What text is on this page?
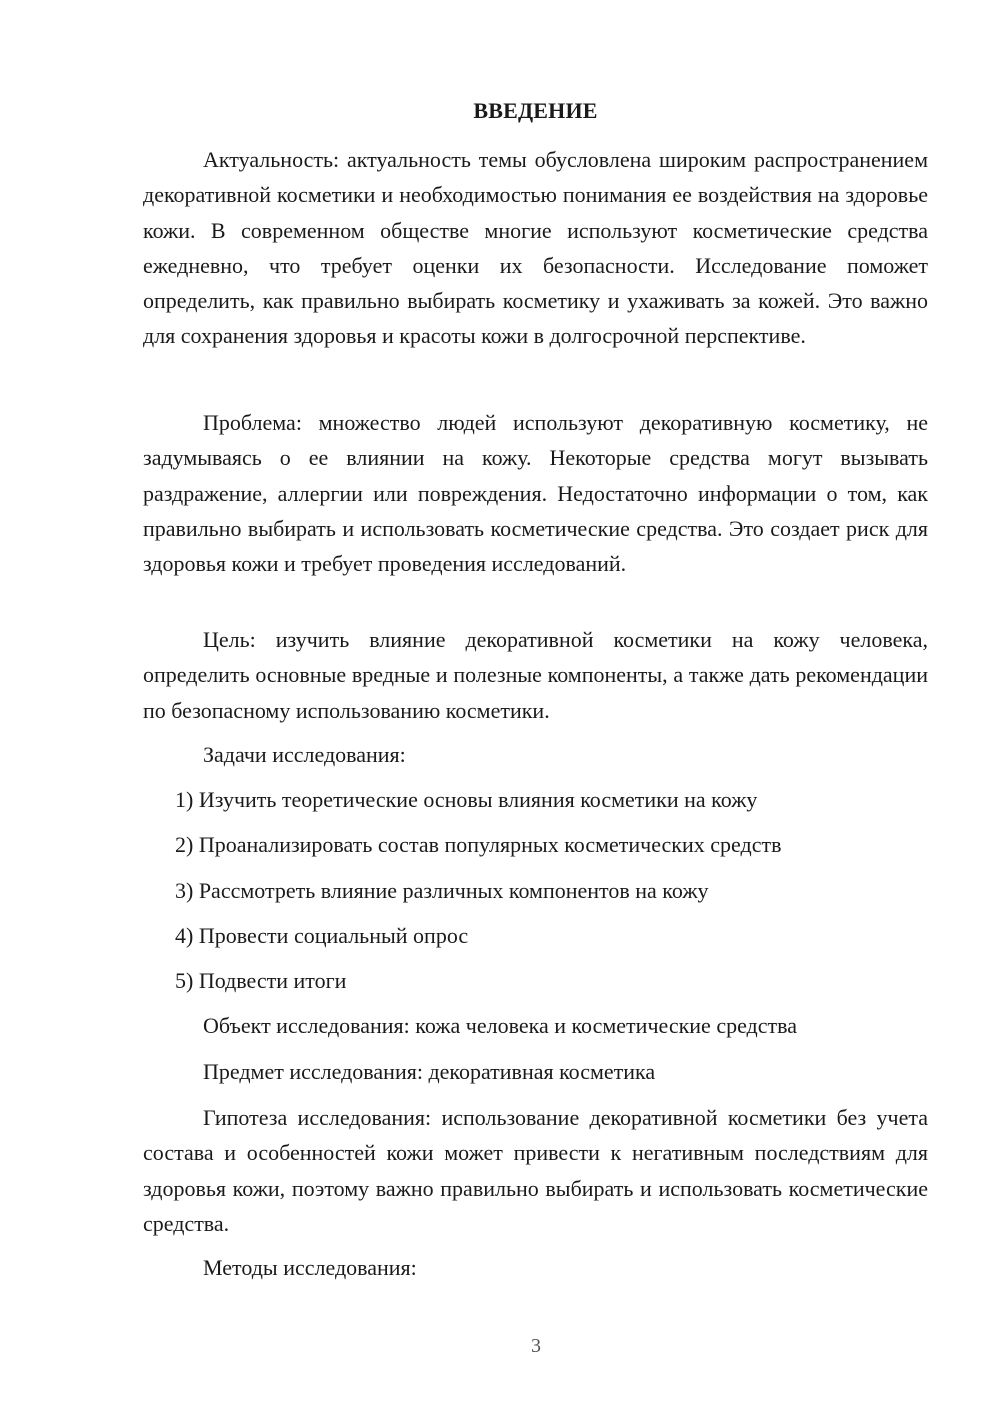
ВВЕДЕНИЕ

Актуальность: актуальность темы обусловлена широким распространением декоративной косметики и необходимостью понимания ее воздействия на здоровье кожи. В современном обществе многие используют косметические средства ежедневно, что требует оценки их безопасности. Исследование поможет определить, как правильно выбирать косметику и ухаживать за кожей. Это важно для сохранения здоровья и красоты кожи в долгосрочной перспективе.

Проблема: множество людей используют декоративную косметику, не задумываясь о ее влиянии на кожу. Некоторые средства могут вызывать раздражение, аллергии или повреждения. Недостаточно информации о том, как правильно выбирать и использовать косметические средства. Это создает риск для здоровья кожи и требует проведения исследований.

Цель: изучить влияние декоративной косметики на кожу человека, определить основные вредные и полезные компоненты, а также дать рекомендации по безопасному использованию косметики.

Задачи исследования:

1) Изучить теоретические основы влияния косметики на кожу

2) Проанализировать состав популярных косметических средств

3) Рассмотреть влияние различных компонентов на кожу

4) Провести социальный опрос

5) Подвести итоги

Объект исследования: кожа человека и косметические средства

Предмет исследования: декоративная косметика

Гипотеза исследования: использование декоративной косметики без учета состава и особенностей кожи может привести к негативным последствиям для здоровья кожи, поэтому важно правильно выбирать и использовать косметические средства.

Методы исследования:

3
